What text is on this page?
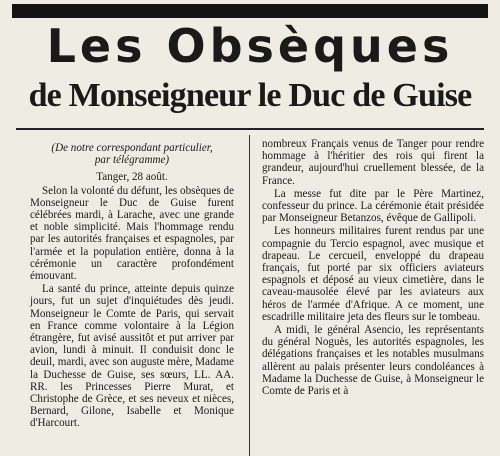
Les Obsèques
de Monseigneur le Duc de Guise

(De notre correspondant particulier,

par télégramme)

Tanger, 28 août.

Selon la volonté du défunt, les obsèques de Monseigneur le Duc de Guise furent célébrées mardi, à Larache, avec une grande et noble simplicité. Mais l'hommage rendu par les autorités françaises et espagnoles, par l'armée et la population entière, donna à la cérémonie un caractère profondément émouvant.

La santé du prince, atteinte depuis quinze jours, fut un sujet d'inquiétudes dès jeudi. Monseigneur le Comte de Paris, qui servait en France comme volontaire à la Légion étrangère, fut avisé aussitôt et put arriver par avion, lundi à minuit. Il conduisit donc le deuil, mardi, avec son auguste mère, Madame la Duchesse de Guise, ses sœurs, LL. AA. RR. les Princesses Pierre Murat, et Christophe de Grèce, et ses neveux et nièces, Bernard, Gilone, Isabelle et Monique d'Harcourt.

nombreux Français venus de Tanger pour rendre hommage à l'héritier des rois qui firent la grandeur, aujourd'hui cruellement blessée, de la France.

La messe fut dite par le Père Martinez, confesseur du prince. La cérémonie était présidée par Monseigneur Betanzos, évêque de Gallipoli.

Les honneurs militaires furent rendus par une compagnie du Tercio espagnol, avec musique et drapeau. Le cercueil, enveloppé du drapeau français, fut porté par six officiers aviateurs espagnols et déposé au vieux cimetière, dans le caveau-mausolée élevé par les aviateurs aux héros de l'armée d'Afrique. A ce moment, une escadrille militaire jeta des fleurs sur le tombeau.

A midi, le général Asencio, les représentants du général Noguès, les autorités espagnoles, les délégations françaises et les notables musulmans allèrent au palais présenter leurs condoléances à Madame la Duchesse de Guise, à Monseigneur le Comte de Paris et à
